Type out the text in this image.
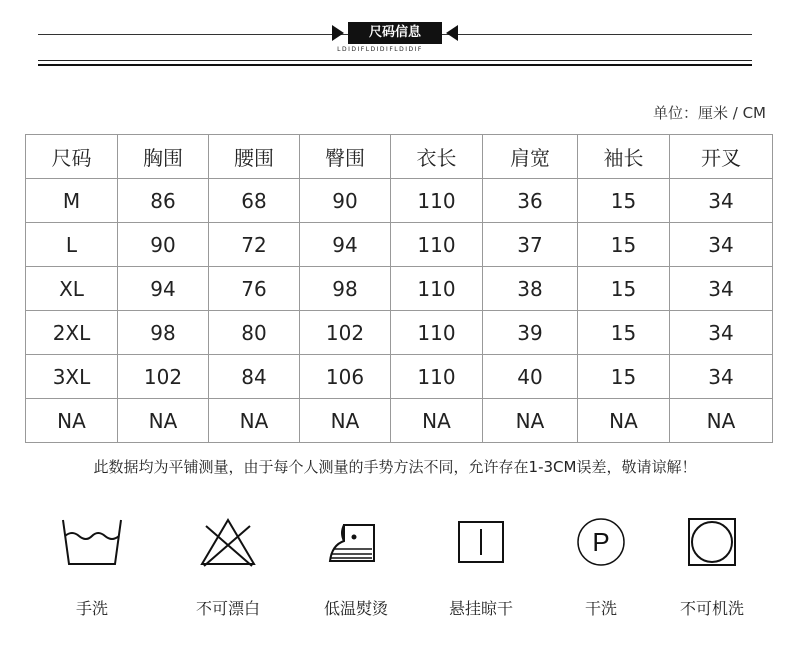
尺码信息
LDIDIFLDIDIFLDIDIF
单位：厘米 / CM
尺码	胸围	腰围	臀围	衣长	肩宽	袖长	开叉
M	86	68	90	110	36	15	34
L	90	72	94	110	37	15	34
XL	94	76	98	110	38	15	34
2XL	98	80	102	110	39	15	34
3XL	102	84	106	110	40	15	34
NA	NA	NA	NA	NA	NA	NA	NA
此数据均为平铺测量，由于每个人测量的手势方法不同，允许存在1-3CM误差，敬请谅解！
手洗	不可漂白	低温熨烫	悬挂晾干
P
干洗	不可机洗
